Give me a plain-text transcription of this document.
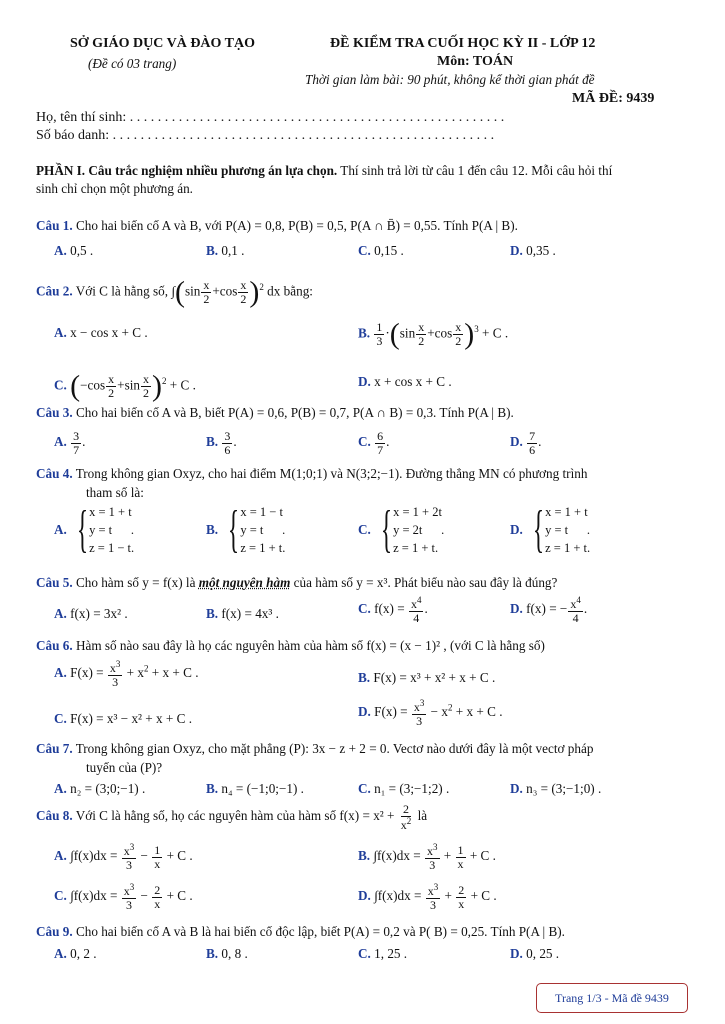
SỞ GIÁO DỤC VÀ ĐÀO TẠO
(Đề có 03 trang)
ĐỀ KIỂM TRA CUỐI HỌC KỲ II - LỚP 12
Môn: TOÁN
Thời gian làm bài: 90 phút, không kể thời gian phát đề
MÃ ĐỀ: 9439
Họ, tên thí sinh: . . . . . . . . . . . . . . . . . . . . . . . . . . . . . . . . . . . . . . . . . . . . . . . . . . . . . .
Số báo danh: . . . . . . . . . . . . . . . . . . . . . . . . . . . . . . . . . . . . . . . . . . . . . . . . . . . . . . .
PHẦN I. Câu trắc nghiệm nhiều phương án lựa chọn. Thí sinh trả lời từ câu 1 đến câu 12. Mỗi câu hỏi thí
sinh chỉ chọn một phương án.
Câu 1. Cho hai biến cố A và B, với P(A) = 0,8, P(B) = 0,5, P(A ∩ B̄) = 0,55. Tính P(A | B).
A. 0,5 .	B. 0,1 .	C. 0,15 .	D. 0,35 .
Câu 2. Với C là hằng số, $\int(\sin \frac{x}{2} +\cos \frac{x}{2} )^2$ dx bằng:
A. x − cos x + C .	B. $\frac{1}{3} \cdot(\sin \frac{x}{2} +\cos \frac{x}{2} )^3 + C$ .
C. $(-\cos \frac{x}{2} +\sin \frac{x}{2} )^2 + C$ .	D. x + cos x + C .
Câu 3. Cho hai biến cố A và B, biết P(A) = 0,6, P(B) = 0,7, P(A ∩ B) = 0,3. Tính P(A | B).
A. $\frac{3}{7}$ .	B. $\frac{3}{6}$ .	C. $\frac{6}{7}$ .	D. $\frac{7}{6}$ .
Câu 4. Trong không gian Oxyz, cho hai điểm M(1;0;1) và N(3;2;−1). Đường thẳng MN có phương trình
tham số là:
A. { x = 1 + t
y = t      .
z = 1 − t.
B. { x = 1 − t
y = t      .
z = 1 + t.
C. { x = 1 + 2t
y = 2t      .
z = 1 + t.
D. { x = 1 + t
y = t      .
z = 1 + t.
Câu 5. Cho hàm số y = f(x) là một nguyên hàm của hàm số y = x³. Phát biểu nào sau đây là đúng?
A. f(x) = 3x² .	B. f(x) = 4x³ .	C. $f(x) = \frac{x^4}{4}$ .	D. f(x) = − $\frac{x^4}{4}$ .
Câu 6. Hàm số nào sau đây là họ các nguyên hàm của hàm số f(x) = (x − 1)² , (với C là hằng số)
A. $F(x) = \frac{x^3}{3} + x^2 + x + C$ .	B. F(x) = x³ + x² + x + C .
C. F(x) = x³ − x² + x + C .	D. $F(x) = \frac{x^3}{3} - x^2 + x + C$ .
Câu 7. Trong không gian Oxyz, cho mặt phẳng (P): 3x − z + 2 = 0. Vectơ nào dưới đây là một vectơ pháp
tuyến của (P)?
A. n₂ = (3;0;−1) .	B. n₄ = (−1;0;−1) .	C. n₁ = (3;−1;2) .	D. n₃ = (3;−1;0) .
Câu 8. Với C là hằng số, họ các nguyên hàm của hàm số $f(x) = x^2 + \frac{2}{x^2}$ là
A. $\int f(x)dx = \frac{x^3}{3} - \frac{1}{x} + C$ .	B. $\int f(x)dx = \frac{x^3}{3} + \frac{1}{x} + C$ .
C. $\int f(x)dx = \frac{x^3}{3} - \frac{2}{x} + C$ .	D. $\int f(x)dx = \frac{x^3}{3} + \frac{2}{x} + C$ .
Câu 9. Cho hai biến cố A và B là hai biến cố độc lập, biết P(A) = 0,2 và P( B) = 0,25. Tính P(A | B).
A. 0, 2 .	B. 0, 8 .	C. 1, 25 .	D. 0, 25 .
Trang 1/3 - Mã đề 9439
